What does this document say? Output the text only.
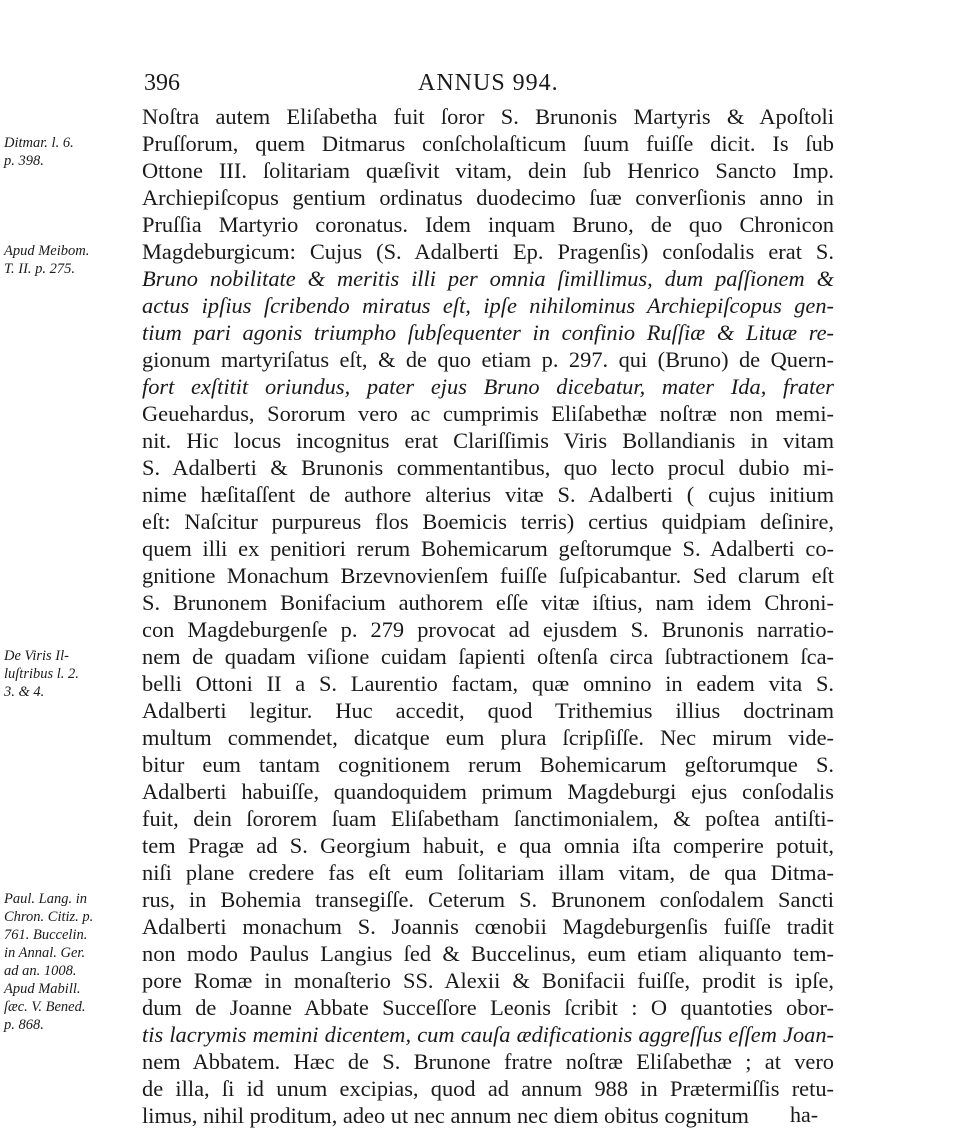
396	ANNUS 994.
Noſtra autem Eliſabetha fuit ſoror S. Brunonis Martyris & Apoſtoli
Pruſſorum, quem Ditmarus conſcholaſticum ſuum fuiſſe dicit. Is ſub
Ottone III. ſolitariam quæſivit vitam, dein ſub Henrico Sancto Imp.
Archiepiſcopus gentium ordinatus duodecimo ſuæ converſionis anno in
Pruſſia Martyrio coronatus. Idem inquam Bruno, de quo Chronicon
Magdeburgicum: Cujus (S. Adalberti Ep. Pragenſis) conſodalis erat S.
Bruno nobilitate & meritis illi per omnia ſimillimus, dum paſſionem &
actus ipſius ſcribendo miratus eſt, ipſe nihilominus Archiepiſcopus gen-
tium pari agonis triumpho ſubſequenter in confinio Ruſſiæ & Lituæ re-
gionum martyriſatus eſt, & de quo etiam p. 297. qui (Bruno) de Quern-
fort exſtitit oriundus, pater ejus Bruno dicebatur, mater Ida, frater
Geuehardus, Sororum vero ac cumprimis Eliſabethæ noſtræ non memi-
nit. Hic locus incognitus erat Clariſſimis Viris Bollandianis in vitam
S. Adalberti & Brunonis commentantibus, quo lecto procul dubio mi-
nime hæſitaſſent de authore alterius vitæ S. Adalberti ( cujus initium
eſt: Naſcitur purpureus flos Boemicis terris) certius quidpiam deſinire,
quem illi ex penitiori rerum Bohemicarum geſtorumque S. Adalberti co-
gnitione Monachum Brzevnovienſem fuiſſe ſuſpicabantur. Sed clarum eſt
S. Brunonem Bonifacium authorem eſſe vitæ iſtius, nam idem Chroni-
con Magdeburgenſe p. 279 provocat ad ejusdem S. Brunonis narratio-
nem de quadam viſione cuidam ſapienti oſtenſa circa ſubtractionem ſca-
belli Ottoni II a S. Laurentio factam, quæ omnino in eadem vita S.
Adalberti legitur. Huc accedit, quod Trithemius illius doctrinam
multum commendet, dicatque eum plura ſcripſiſſe. Nec mirum vide-
bitur eum tantam cognitionem rerum Bohemicarum geſtorumque S.
Adalberti habuiſſe, quandoquidem primum Magdeburgi ejus conſodalis
fuit, dein ſororem ſuam Eliſabetham ſanctimonialem, & poſtea antiſti-
tem Pragæ ad S. Georgium habuit, e qua omnia iſta comperire potuit,
niſi plane credere fas eſt eum ſolitariam illam vitam, de qua Ditma-
rus, in Bohemia transegiſſe. Ceterum S. Brunonem conſodalem Sancti
Adalberti monachum S. Joannis cœnobii Magdeburgenſis fuiſſe tradit
non modo Paulus Langius ſed & Buccelinus, eum etiam aliquanto tem-
pore Romæ in monaſterio SS. Alexii & Bonifacii fuiſſe, prodit is ipſe,
dum de Joanne Abbate Succeſſore Leonis ſcribit : O quantoties obor-
tis lacrymis memini dicentem, cum cauſa ædificationis aggreſſus eſſem Joan-
nem Abbatem. Hæc de S. Brunone fratre noſtræ Eliſabethæ ; at vero
de illa, ſi id unum excipias, quod ad annum 988 in Prætermiſſis retu-
limus, nihil proditum, adeo ut nec annum nec diem obitus cognitum	ha-
Ditmar. l. 6.
p. 398.
Apud Meibom.
T. II. p. 275.
De Viris Il-
luſtribus l. 2.
3. & 4.
Paul. Lang. in
Chron. Citiz. p.
761. Buccelin.
in Annal. Ger.
ad an. 1008.
Apud Mabill.
ſæc. V. Bened.
p. 868.
